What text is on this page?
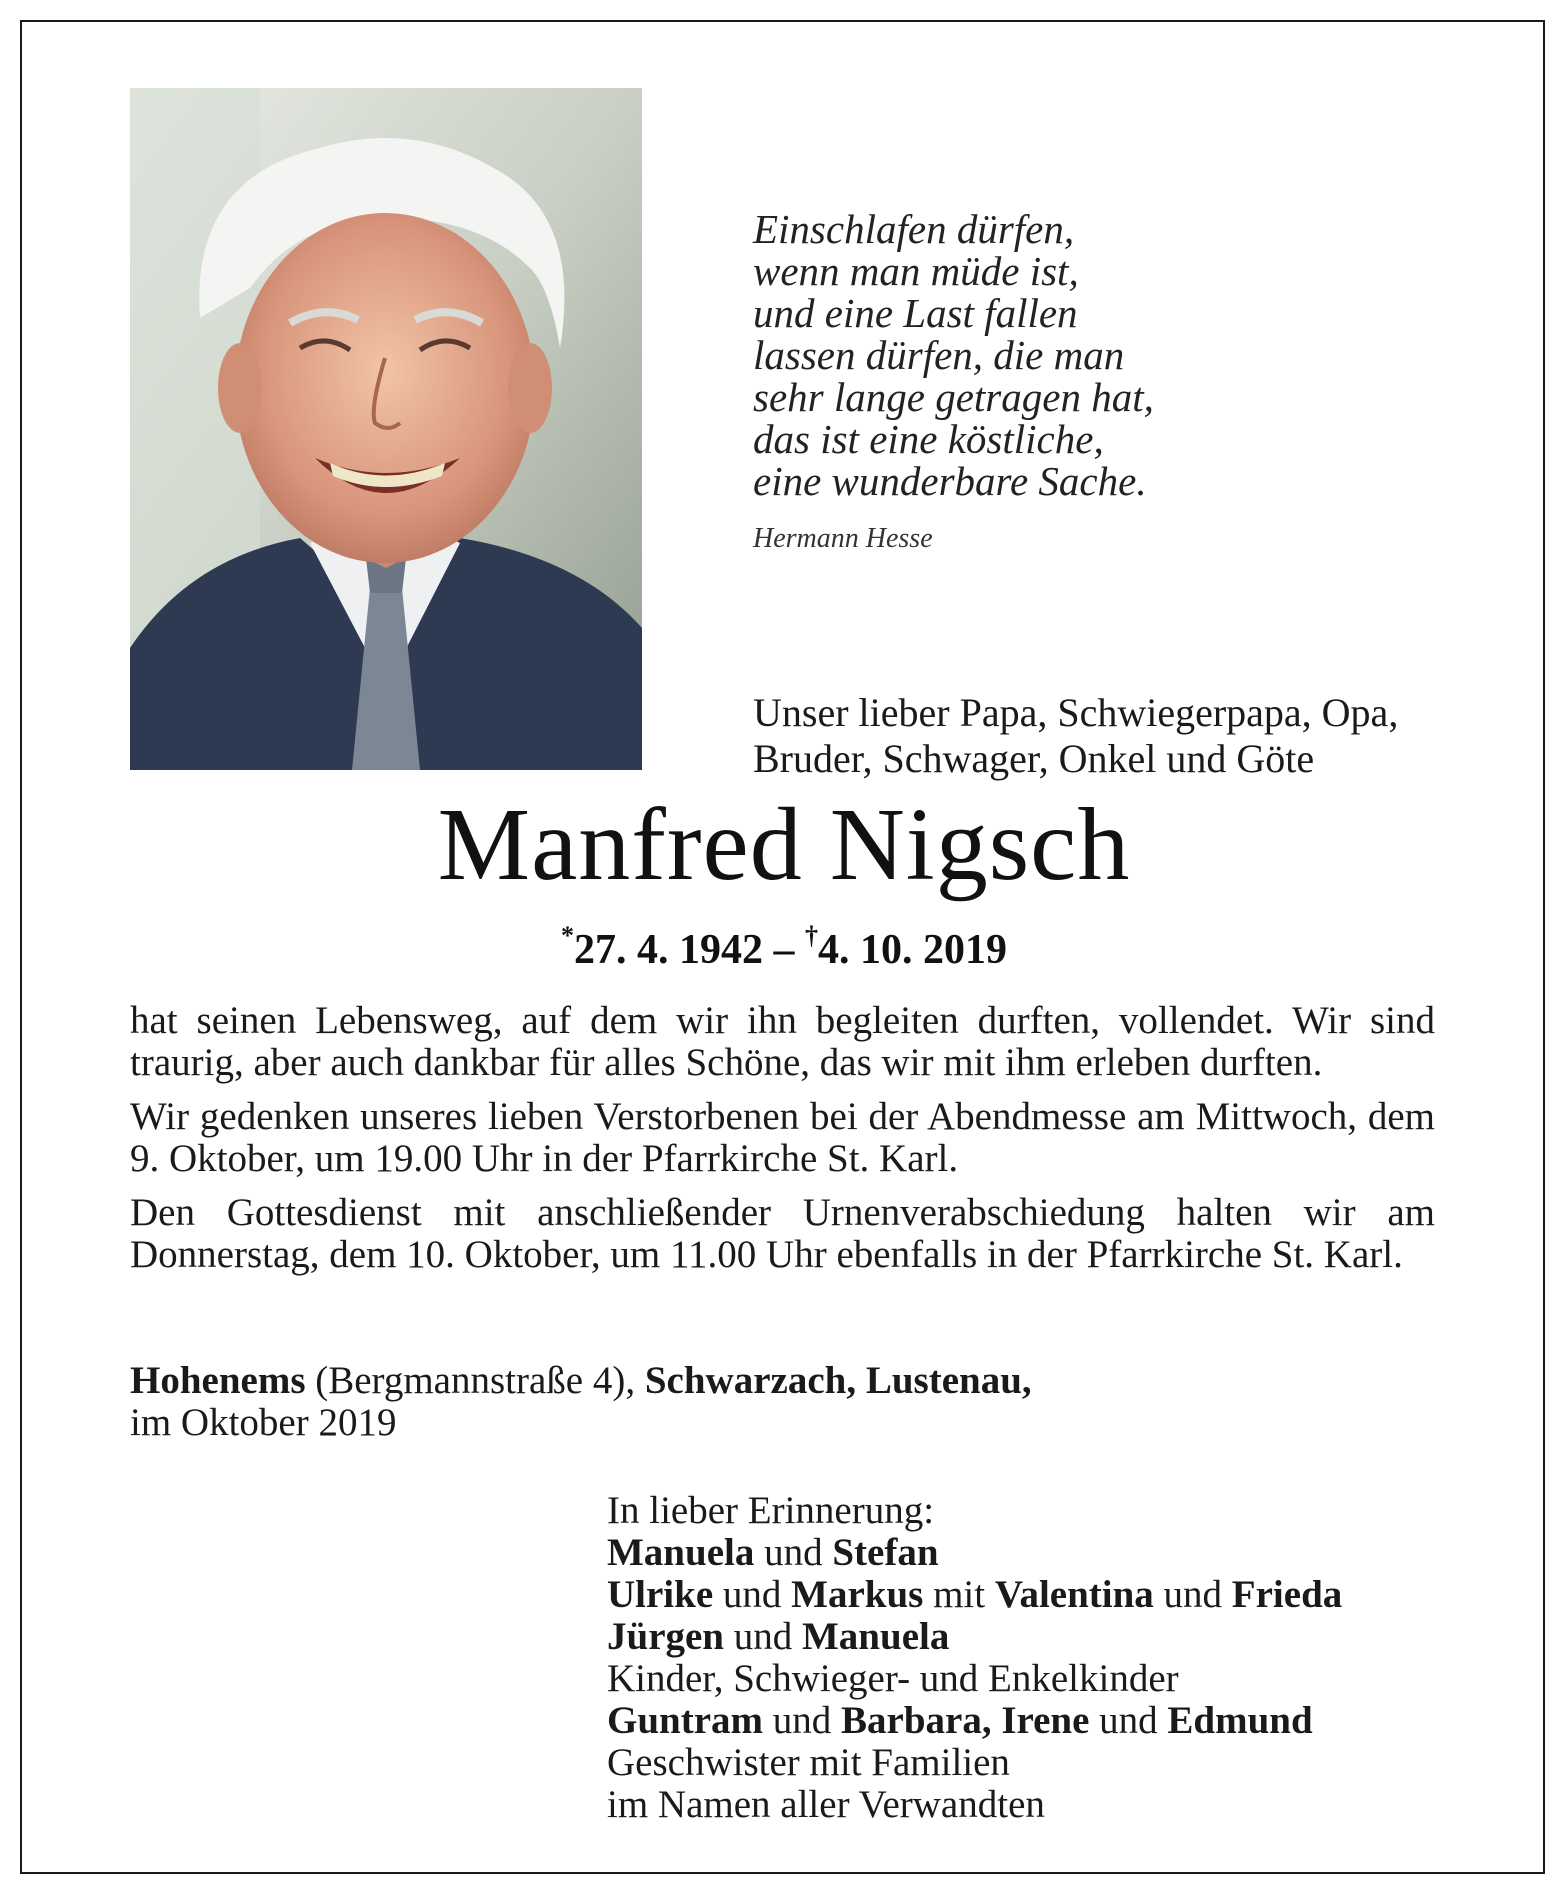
Einschlafen dürfen,
wenn man müde ist,
und eine Last fallen
lassen dürfen, die man
sehr lange getragen hat,
das ist eine köstliche,
eine wunderbare Sache.
Hermann Hesse
Unser lieber Papa, Schwiegerpapa, Opa,
Bruder, Schwager, Onkel und Göte
Manfred Nigsch
*27. 4. 1942 – †4. 10. 2019

hat seinen Lebensweg, auf dem wir ihn begleiten durften, vollendet. Wir sind traurig, aber auch dankbar für alles Schöne, das wir mit ihm erleben durften.

Wir gedenken unseres lieben Verstorbenen bei der Abendmesse am Mittwoch, dem 9. Oktober, um 19.00 Uhr in der Pfarrkirche St. Karl.

Den Gottesdienst mit anschließender Urnenverabschiedung halten wir am Donnerstag, dem 10. Oktober, um 11.00 Uhr ebenfalls in der Pfarrkirche St. Karl.

Hohenems (Bergmannstraße 4), Schwarzach, Lustenau,
im Oktober 2019
In lieber Erinnerung:
Manuela und Stefan
Ulrike und Markus mit Valentina und Frieda
Jürgen und Manuela
Kinder, Schwieger- und Enkelkinder
Guntram und Barbara, Irene und Edmund
Geschwister mit Familien
im Namen aller Verwandten
